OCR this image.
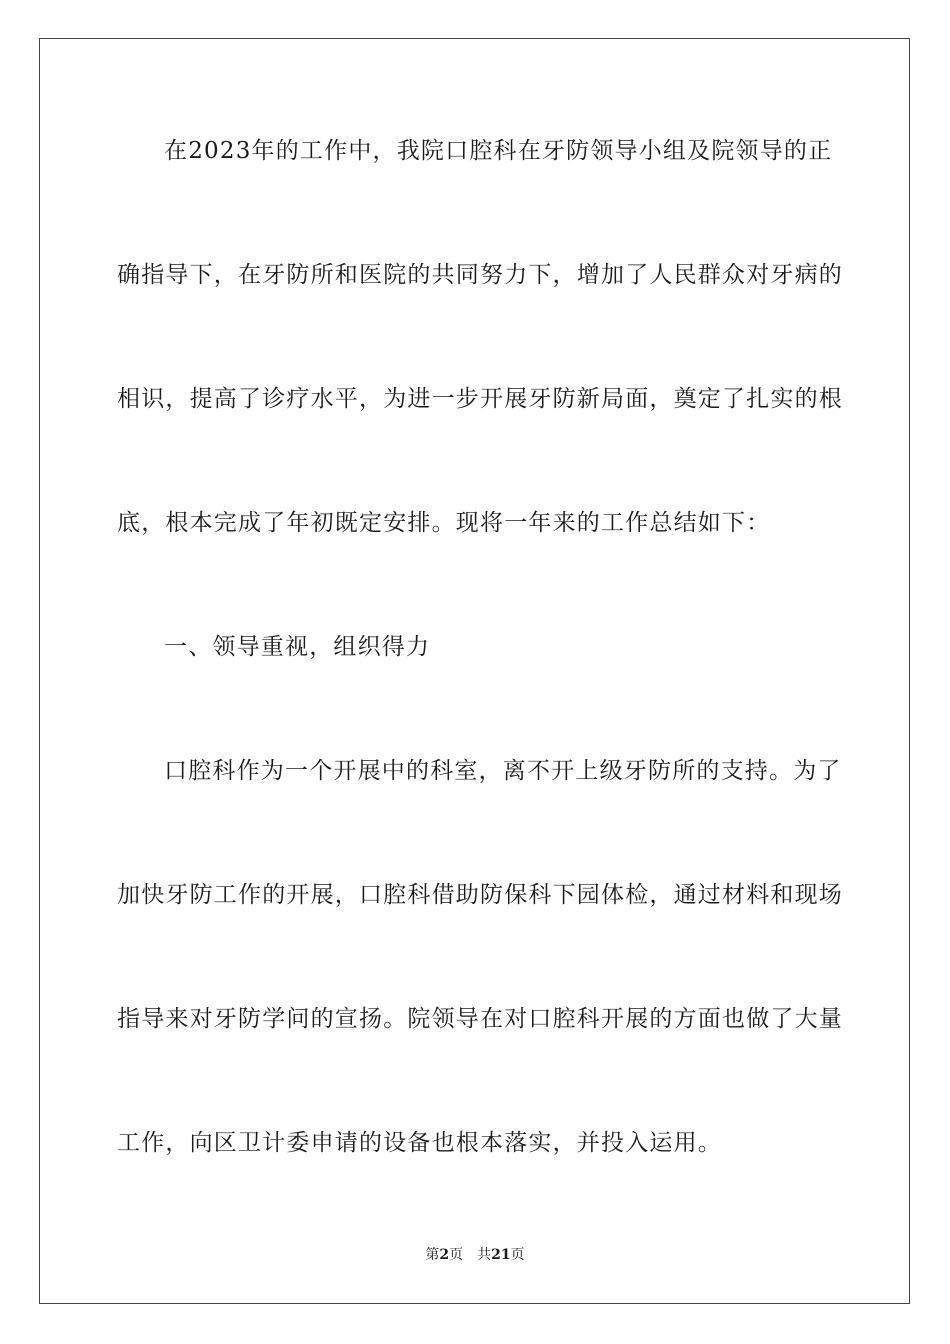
在2023年的工作中，我院口腔科在牙防领导小组及院领导的正
确指导下，在牙防所和医院的共同努力下，增加了人民群众对牙病的
相识，提高了诊疗水平，为进一步开展牙防新局面，奠定了扎实的根
底，根本完成了年初既定安排。现将一年来的工作总结如下：
一、领导重视，组织得力
口腔科作为一个开展中的科室，离不开上级牙防所的支持。为了
加快牙防工作的开展，口腔科借助防保科下园体检，通过材料和现场
指导来对牙防学问的宣扬。院领导在对口腔科开展的方面也做了大量
工作，向区卫计委申请的设备也根本落实，并投入运用。
第2页 共21页
